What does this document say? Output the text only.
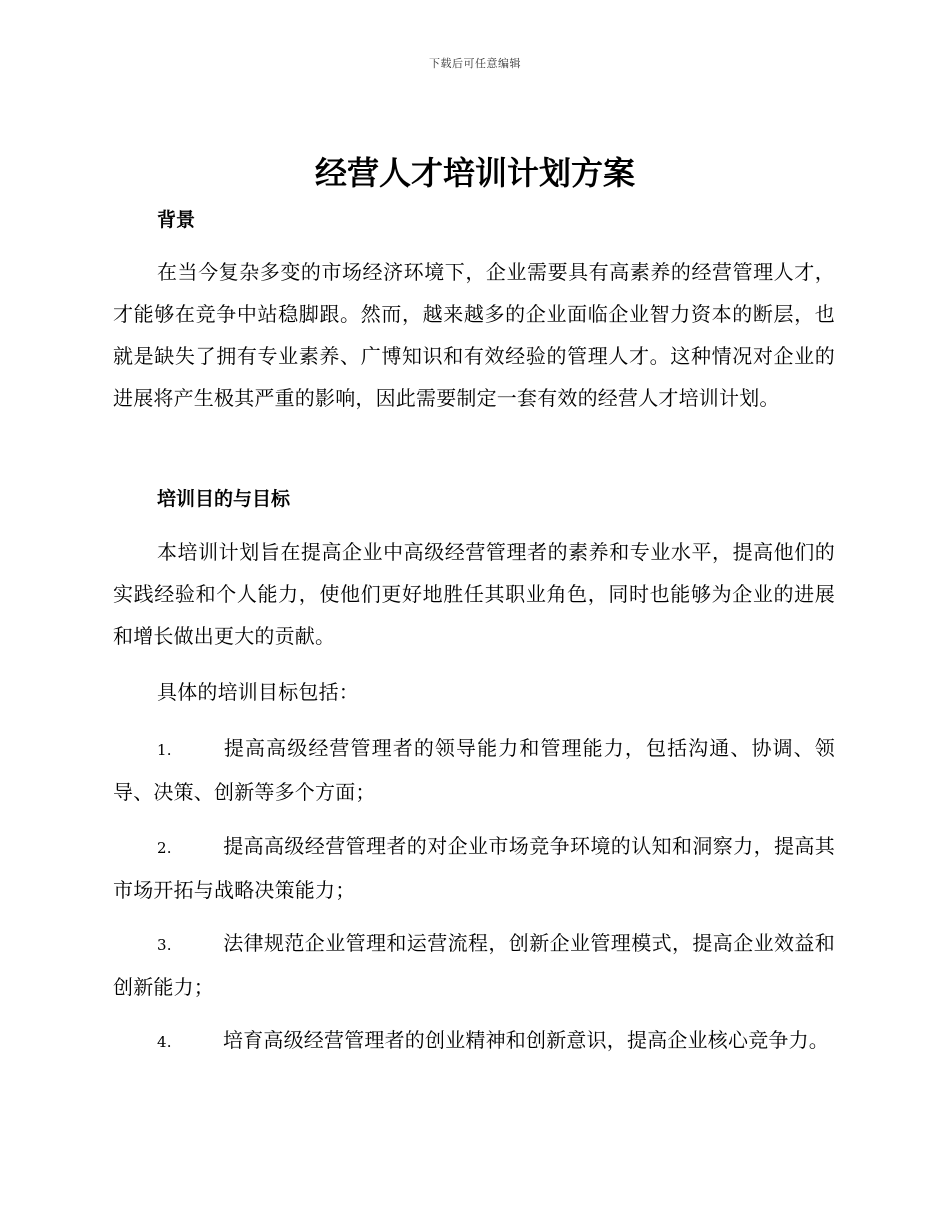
下载后可任意编辑
经营人才培训计划方案
背景

在当今复杂多变的市场经济环境下，企业需要具有高素养的经营管理人才，才能够在竞争中站稳脚跟。然而，越来越多的企业面临企业智力资本的断层，也就是缺失了拥有专业素养、广博知识和有效经验的管理人才。这种情况对企业的进展将产生极其严重的影响，因此需要制定一套有效的经营人才培训计划。

培训目的与目标

本培训计划旨在提高企业中高级经营管理者的素养和专业水平，提高他们的实践经验和个人能力，使他们更好地胜任其职业角色，同时也能够为企业的进展和增长做出更大的贡献。

具体的培训目标包括：

1.	提高高级经营管理者的领导能力和管理能力，包括沟通、协调、领导、决策、创新等多个方面；

2.	提高高级经营管理者的对企业市场竞争环境的认知和洞察力，提高其市场开拓与战略决策能力；

3.	法律规范企业管理和运营流程，创新企业管理模式，提高企业效益和创新能力；

4.	培育高级经营管理者的创业精神和创新意识，提高企业核心竞争力。
